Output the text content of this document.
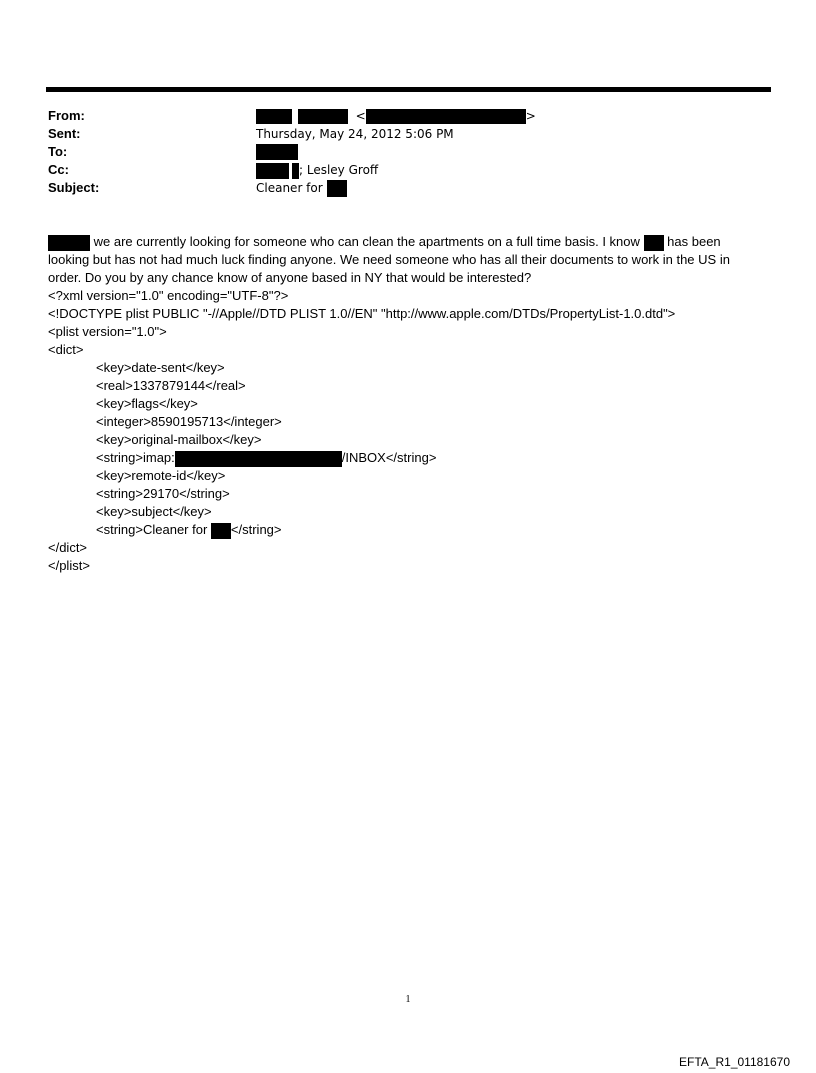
From:
Sent:
To:
Cc:
Subject:
<	>
Thursday, May 24, 2012 5:06 PM
; Lesley Groff
Cleaner for
we are currently looking for someone who can clean the apartments on a full time basis. I know has been
looking but has not had much luck finding anyone. We need someone who has all their documents to work in the US in
order. Do you by any chance know of anyone based in NY that would be interested?
<?xml version="1.0" encoding="UTF-8"?>
<!DOCTYPE plist PUBLIC "-//Apple//DTD PLIST 1.0//EN" "http://www.apple.com/DTDs/PropertyList-1.0.dtd">
<plist version="1.0">
<dict>
<key>date-sent</key>
<real>1337879144</real>
<key>flags</key>
<integer>8590195713</integer>
<key>original-mailbox</key>
<string>imap:	/INBOX</string>
<key>remote-id</key>
<string>29170</string>
<key>subject</key>
<string>Cleaner for </string>
</dict>
</plist>
1
EFTA_R1_01181670
